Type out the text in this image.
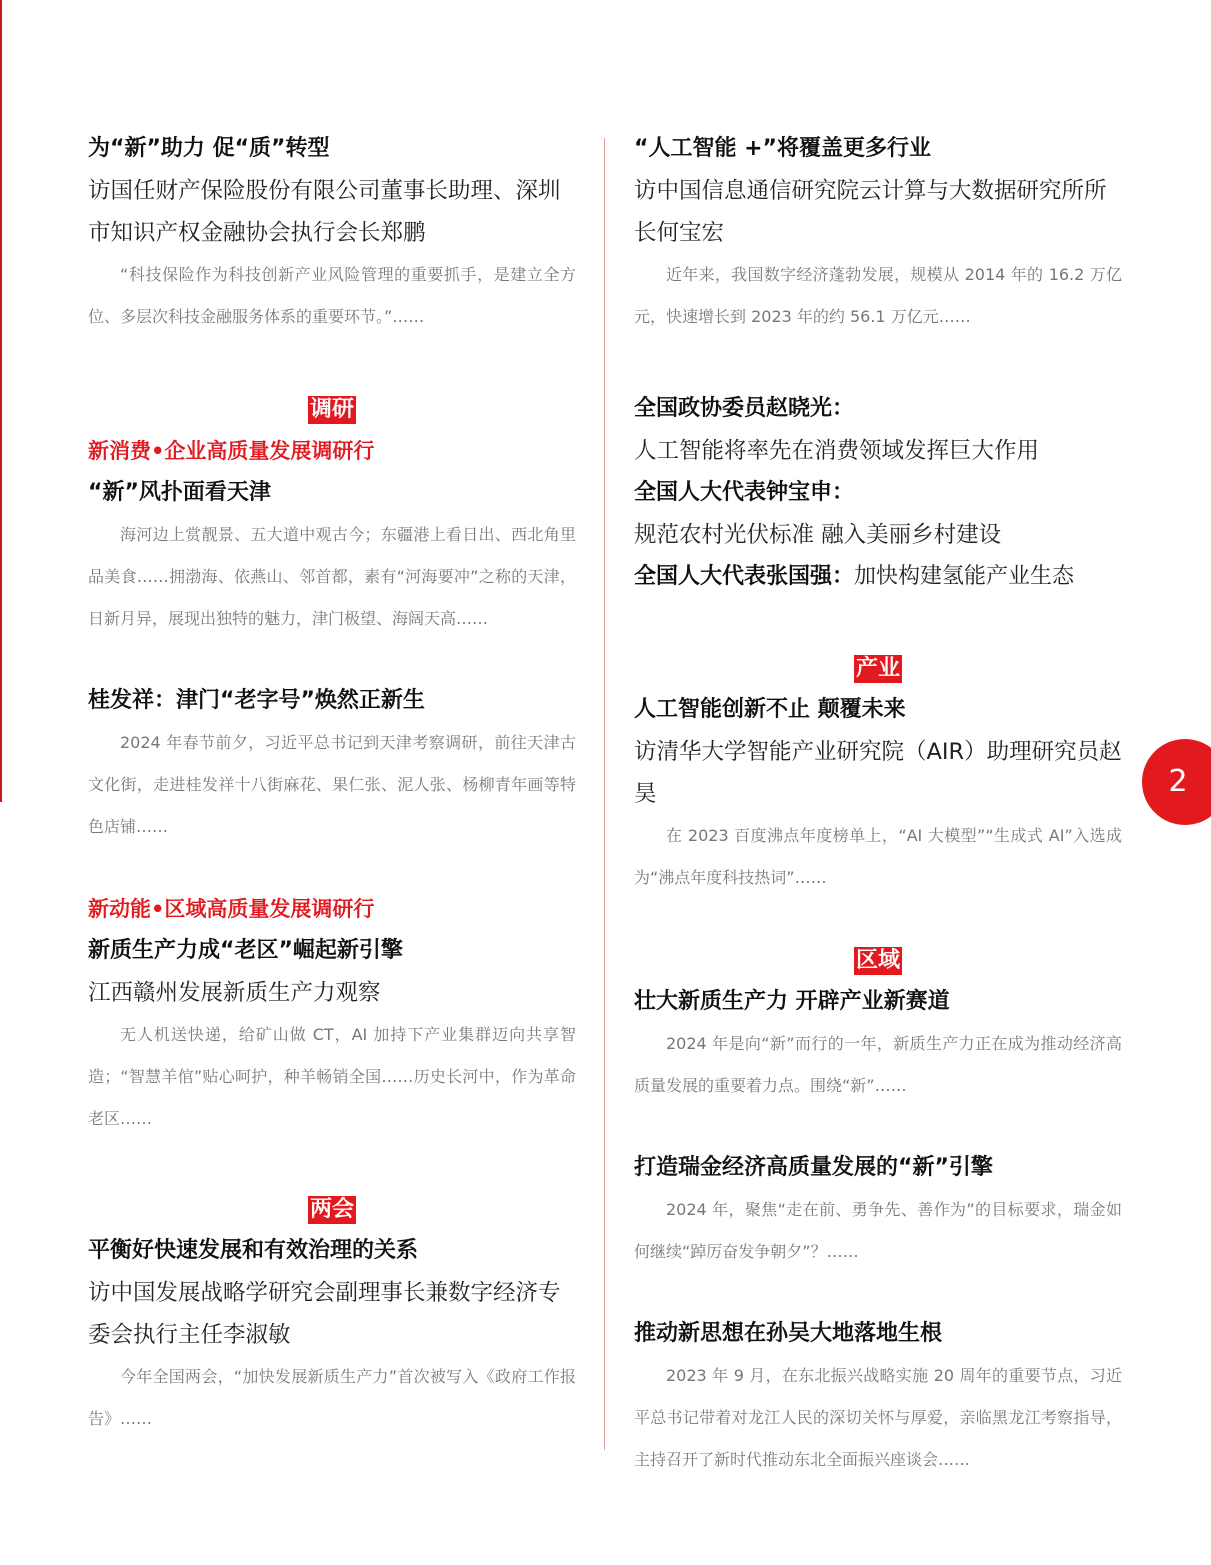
为“新”助力 促“质”转型
访国任财产保险股份有限公司董事长助理、深圳市知识产权金融协会执行会长郑鹏
“科技保险作为科技创新产业风险管理的重要抓手，是建立全方位、多层次科技金融服务体系的重要环节。”……
调研
新消费•企业高质量发展调研行
“新”风扑面看天津
海河边上赏靓景、五大道中观古今；东疆港上看日出、西北角里品美食……拥渤海、依燕山、邻首都，素有“河海要冲”之称的天津，日新月异，展现出独特的魅力，津门极望、海阔天高……
桂发祥：津门“老字号”焕然正新生
2024 年春节前夕，习近平总书记到天津考察调研，前往天津古文化街，走进桂发祥十八街麻花、果仁张、泥人张、杨柳青年画等特色店铺……
新动能•区域高质量发展调研行
新质生产力成“老区”崛起新引擎
江西赣州发展新质生产力观察
无人机送快递，给矿山做 CT，AI 加持下产业集群迈向共享智造；“智慧羊倌”贴心呵护，种羊畅销全国……历史长河中，作为革命老区……
两会
平衡好快速发展和有效治理的关系
访中国发展战略学研究会副理事长兼数字经济专委会执行主任李淑敏
今年全国两会，“加快发展新质生产力”首次被写入《政府工作报告》……
“人工智能 +”将覆盖更多行业
访中国信息通信研究院云计算与大数据研究所所长何宝宏
近年来，我国数字经济蓬勃发展，规模从 2014 年的 16.2 万亿元，快速增长到 2023 年的约 56.1 万亿元……
全国政协委员赵晓光：
人工智能将率先在消费领域发挥巨大作用
全国人大代表钟宝申：
规范农村光伏标准 融入美丽乡村建设
全国人大代表张国强：加快构建氢能产业生态
产业
人工智能创新不止 颠覆未来
访清华大学智能产业研究院（AIR）助理研究员赵昊
在 2023 百度沸点年度榜单上，“AI 大模型”“生成式 AI”入选成为“沸点年度科技热词”……
区域
壮大新质生产力 开辟产业新赛道
2024 年是向“新”而行的一年，新质生产力正在成为推动经济高质量发展的重要着力点。围绕“新”……
打造瑞金经济高质量发展的“新”引擎
2024 年，聚焦“走在前、勇争先、善作为”的目标要求，瑞金如何继续“踔厉奋发争朝夕”？……
推动新思想在孙吴大地落地生根
2023 年 9 月，在东北振兴战略实施 20 周年的重要节点，习近平总书记带着对龙江人民的深切关怀与厚爱，亲临黑龙江考察指导，主持召开了新时代推动东北全面振兴座谈会……
2
